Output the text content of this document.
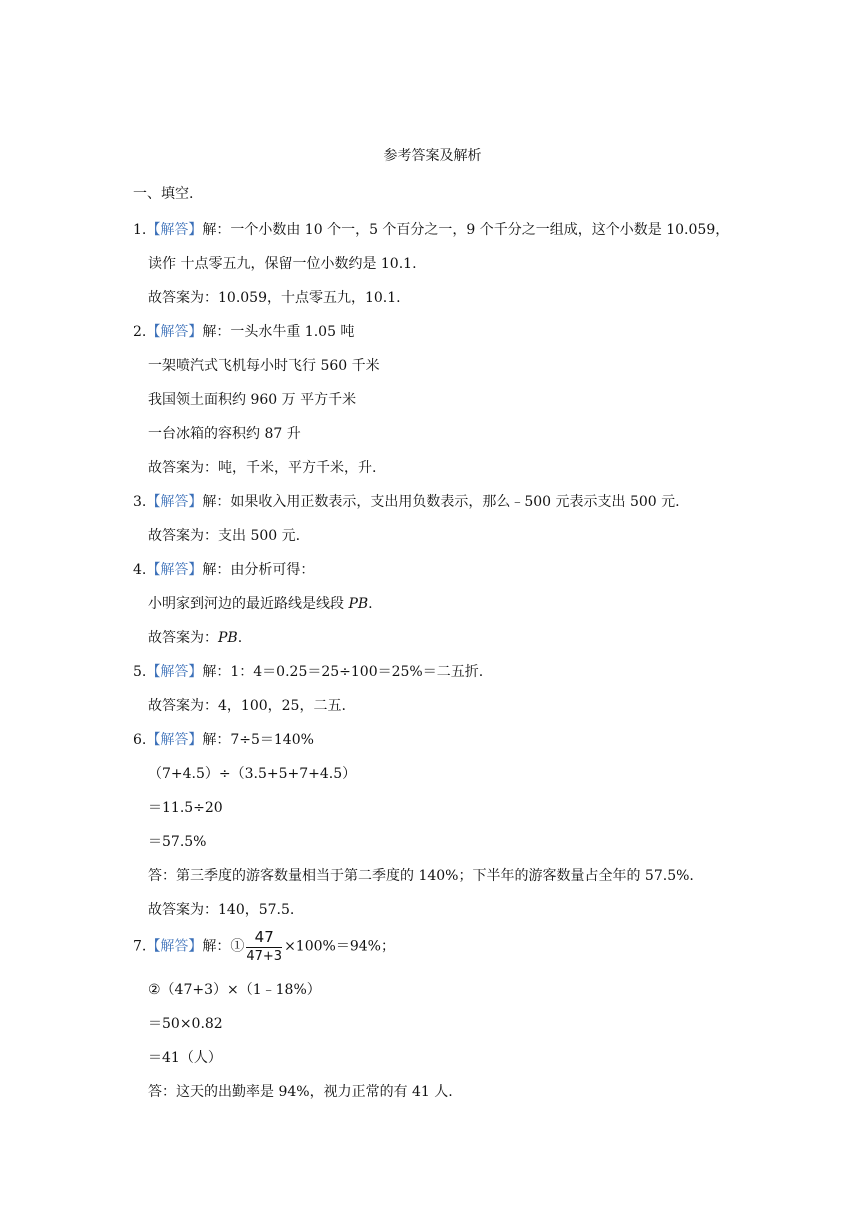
参考答案及解析
一、填空.
1.【解答】解：一个小数由 10 个一，5 个百分之一，9 个千分之一组成，这个小数是 10.059，
读作 十点零五九，保留一位小数约是 10.1.
故答案为：10.059，十点零五九，10.1.
2.【解答】解：一头水牛重 1.05 吨
一架喷汽式飞机每小时飞行 560 千米
我国领土面积约 960 万 平方千米
一台冰箱的容积约 87 升
故答案为：吨，千米，平方千米，升.
3.【解答】解：如果收入用正数表示，支出用负数表示，那么﹣500 元表示支出 500 元.
故答案为：支出 500 元.
4.【解答】解：由分析可得：
小明家到河边的最近路线是线段 PB.
故答案为：PB.
5.【解答】解：1：4＝0.25＝25÷100＝25%＝二五折.
故答案为：4，100，25，二五.
6.【解答】解：7÷5＝140%
（7+4.5）÷（3.5+5+7+4.5）
＝11.5÷20
＝57.5%
答：第三季度的游客数量相当于第二季度的 140%；下半年的游客数量占全年的 57.5%.
故答案为：140，57.5.
7.【解答】解：① $\frac{47}{47+3} \times 100\%=94\%$；
②（47+3）×（1﹣18%）
＝50×0.82
＝41（人）
答：这天的出勤率是 94%，视力正常的有 41 人.
